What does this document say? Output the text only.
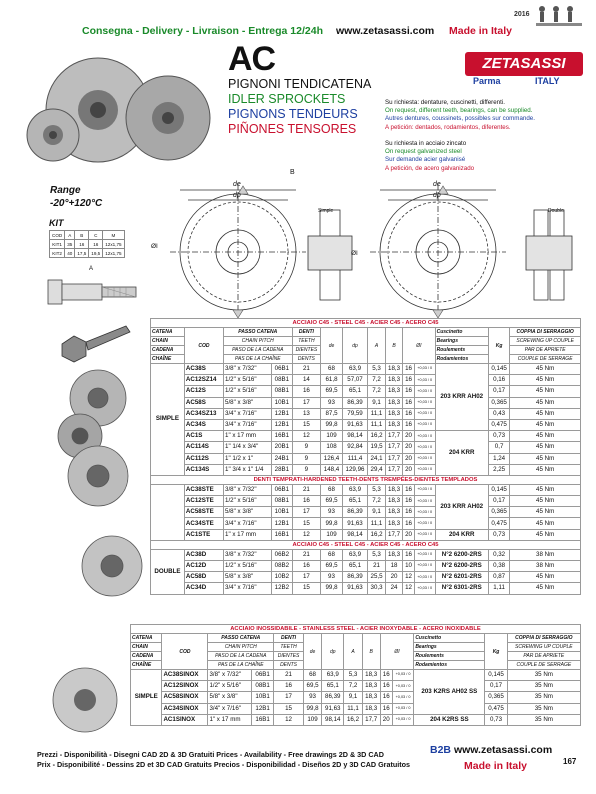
Consegna - Delivery - Livraison - Entrega 12/24h www.zetasassi.com Made in Italy
2016
AC
PIGNONI TENDICATENA
IDLER SPROCKETS
PIGNONS TENDEURS
PIÑONES TENSORES
ZETASASSI
Parma	ITALY
Su richiesta: dentature, cuscinetti, differenti.
On request, different teeth, bearings, can be supplied.
Autres dentures, coussinets, possibles sur commande.
A petición: dentados, rodamientos, diferentes.
Su richiesta in acciaio zincato
On request galvanized steel
Sur demande acier galvanisé
A petición, de acero galvanizado
Range
-20°+120°C
KIT
COD	A	B	C	M
KIT1	35	16	16	12x1,75
KIT2	40	17,5	19,5	12x1,75
A
de
dp
de
dp
B
ØI
ØI
Simple	Double
ACCIAIO C45 - STEEL C45 - ACIER C45 - ACERO C45													
CATENA	COD	PASSO CATENA		DENTI	de	dp	A	B	ØI		Cuscinetto	Kg	COPPIA DI SERRAGGIO
CHAIN		CHAIN PITCH		TEETH							Bearings		SCREWING UP COUPLE
CADENA		PASO DE LA CADENA		DIENTES							Roulements		PAR DE APRIETE
CHAÎNE		PAS DE LA CHAÎNE		DENTS							Rodamientos		COUPLE DE SERRAGE
SIMPLE	AC38S	3/8" x 7/32"	06B1	21	68	63,9	5,3	18,3	16	+0,03 / 0	203 KRR AH02	0,145	45 Nm
	AC12SZ14	1/2" x 5/16"	08B1	14	61,8	57,07	7,2	18,3	16	+0,03 / 0		0,16	45 Nm
	AC12S	1/2" x 5/16"	08B1	16	69,5	65,1	7,2	18,3	16	+0,03 / 0		0,17	45 Nm
	AC58S	5/8" x 3/8"	10B1	17	93	86,39	9,1	18,3	16	+0,03 / 0		0,365	45 Nm
	AC34SZ13	3/4" x 7/16"	12B1	13	87,5	79,59	11,1	18,3	16	+0,03 / 0		0,43	45 Nm
	AC34S	3/4" x 7/16"	12B1	15	99,8	91,63	11,1	18,3	16	+0,03 / 0		0,475	45 Nm
	AC1S	1" x 17 mm	16B1	12	109	98,14	16,2	17,7	20	+0,03 / 0	204 KRR	0,73	45 Nm
	AC114S	1" 1/4 x 3/4"	20B1	9	108	92,84	19,5	17,7	20	+0,03 / 0		0,7	45 Nm
	AC112S	1" 1/2 x 1"	24B1	9	126,4	111,4	24,1	17,7	20	+0,03 / 0		1,24	45 Nm
	AC134S	1" 3/4 x 1" 1/4	28B1	9	148,4	129,96	29,4	17,7	20	+0,03 / 0		2,25	45 Nm
DENTI TEMPRATI-HARDENED TEETH-DENTS TREMPÉES-DIENTES TEMPLADOS													
	AC38STE	3/8" x 7/32"	06B1	21	68	63,9	5,3	18,3	16	+0,03 / 0	203 KRR AH02	0,145	45 Nm
	AC12STE	1/2" x 5/16"	08B1	16	69,5	65,1	7,2	18,3	16	+0,03 / 0		0,17	45 Nm
	AC58STE	5/8" x 3/8"	10B1	17	93	86,39	9,1	18,3	16	+0,03 / 0		0,365	45 Nm
	AC34STE	3/4" x 7/16"	12B1	15	99,8	91,63	11,1	18,3	16	+0,03 / 0		0,475	45 Nm
	AC1STE	1" x 17 mm	16B1	12	109	98,14	16,2	17,7	20	+0,03 / 0	204 KRR	0,73	45 Nm
ACCIAIO C45 - STEEL C45 - ACIER C45 - ACERO C45													
DOUBLE	AC38D	3/8" x 7/32"	06B2	21	68	63,9	5,3	18,3	16	+0,03 / 0	N°2 6200-2RS	0,32	38 Nm
	AC12D	1/2" x 5/16"	08B2	16	69,5	65,1	21	18	10	+0,03 / 0	N°2 6200-2RS	0,38	38 Nm
	AC58D	5/8" x 3/8"	10B2	17	93	86,39	25,5	20	12	+0,03 / 0	N°2 6201-2RS	0,87	45 Nm
	AC34D	3/4" x 7/16"	12B2	15	99,8	91,63	30,3	24	12	+0,03 / 0	N°2 6301-2RS	1,11	45 Nm
ACCIAIO INOSSIDABILE - STAINLESS STEEL - ACIER INOXYDABLE - ACERO INOXIDABLE													
CATENA	COD	PASSO CATENA		DENTI	de	dp	A	B	ØI		Cuscinetto	Kg	COPPIA DI SERRAGGIO
CHAIN		CHAIN PITCH		TEETH							Bearings		SCREWING UP COUPLE
CADENA		PASO DE LA CADENA		DIENTES							Roulements		PAR DE APRIETE
CHAÎNE		PAS DE LA CHAÎNE		DENTS							Rodamientos		COUPLE DE SERRAGE
SIMPLE	AC38SINOX	3/8" x 7/32"	06B1	21	68	63,9	5,3	18,3	16	+0,03 / 0	203 K2RS AH02 SS	0,145	35 Nm
	AC12SINOX	1/2" x 5/16"	08B1	16	69,5	65,1	7,2	18,3	16	+0,03 / 0		0,17	35 Nm
	AC58SINOX	5/8" x 3/8"	10B1	17	93	86,39	9,1	18,3	16	+0,03 / 0		0,365	35 Nm
	AC34SINOX	3/4" x 7/16"	12B1	15	99,8	91,63	11,1	18,3	16	+0,03 / 0		0,475	35 Nm
	AC1SINOX	1" x 17 mm	16B1	12	109	98,14	16,2	17,7	20	+0,03 / 0	204 K2RS SS	0,73	35 Nm
Prezzi - Disponibilità - Disegni CAD 2D & 3D Gratuiti Prices - Availability - Free drawings 2D & 3D CAD
Prix - Disponibilité - Dessins 2D et 3D CAD Gratuits Precios - Disponibilidad - Diseños 2D y 3D CAD Gratuitos
B2B www.zetasassi.com
Made in Italy	167
